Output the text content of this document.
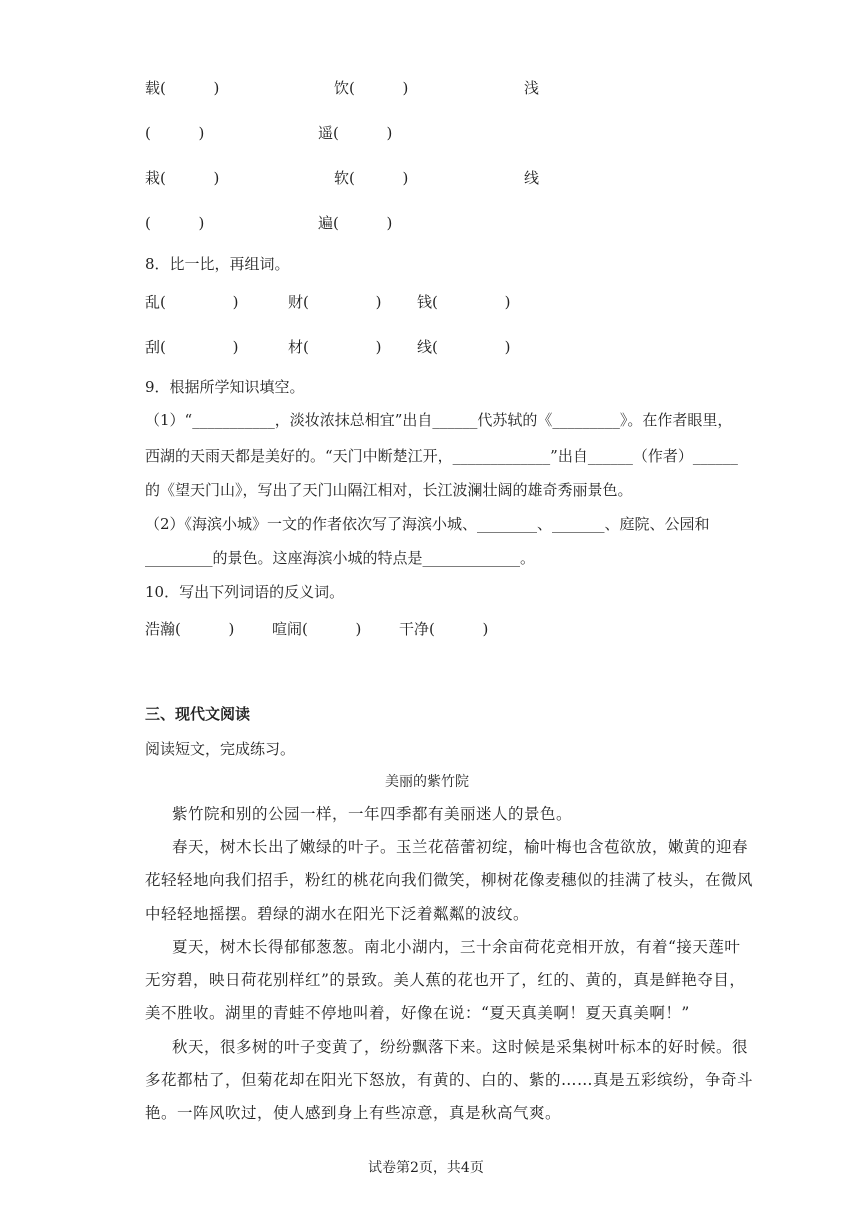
载(          )	饮(          )	浅
(          )	遥(          )
栽(          )	软(          )	线
(          )	遍(          )
8．比一比，再组词。
乱(              )	财(              ) 钱(              )
刮(              )	材(              ) 线(              )
9．根据所学知识填空。
（1）“___________，淡妆浓抹总相宜”出自______代苏轼的《_________》。在作者眼里，
西湖的天雨天都是美好的。“天门中断楚江开，_____________”出自______（作者）______
的《望天门山》，写出了天门山隔江相对，长江波澜壮阔的雄奇秀丽景色。
（2）《海滨小城》一文的作者依次写了海滨小城、________、_______、庭院、公园和
_________的景色。这座海滨小城的特点是_____________。
10．写出下列词语的反义词。
浩瀚(          )	喧闹(          )	干净(          )
三、现代文阅读
阅读短文，完成练习。
美丽的紫竹院
紫竹院和别的公园一样，一年四季都有美丽迷人的景色。
春天，树木长出了嫩绿的叶子。玉兰花蓓蕾初绽，榆叶梅也含苞欲放，嫩黄的迎春
花轻轻地向我们招手，粉红的桃花向我们微笑，柳树花像麦穗似的挂满了枝头，在微风
中轻轻地摇摆。碧绿的湖水在阳光下泛着粼粼的波纹。
夏天，树木长得郁郁葱葱。南北小湖内，三十余亩荷花竞相开放，有着“接天莲叶
无穷碧，映日荷花别样红”的景致。美人蕉的花也开了，红的、黄的，真是鲜艳夺目，
美不胜收。湖里的青蛙不停地叫着，好像在说：“夏天真美啊！夏天真美啊！”
秋天，很多树的叶子变黄了，纷纷飘落下来。这时候是采集树叶标本的好时候。很
多花都枯了，但菊花却在阳光下怒放，有黄的、白的、紫的……真是五彩缤纷，争奇斗
艳。一阵风吹过，使人感到身上有些凉意，真是秋高气爽。
试卷第2页，共4页
